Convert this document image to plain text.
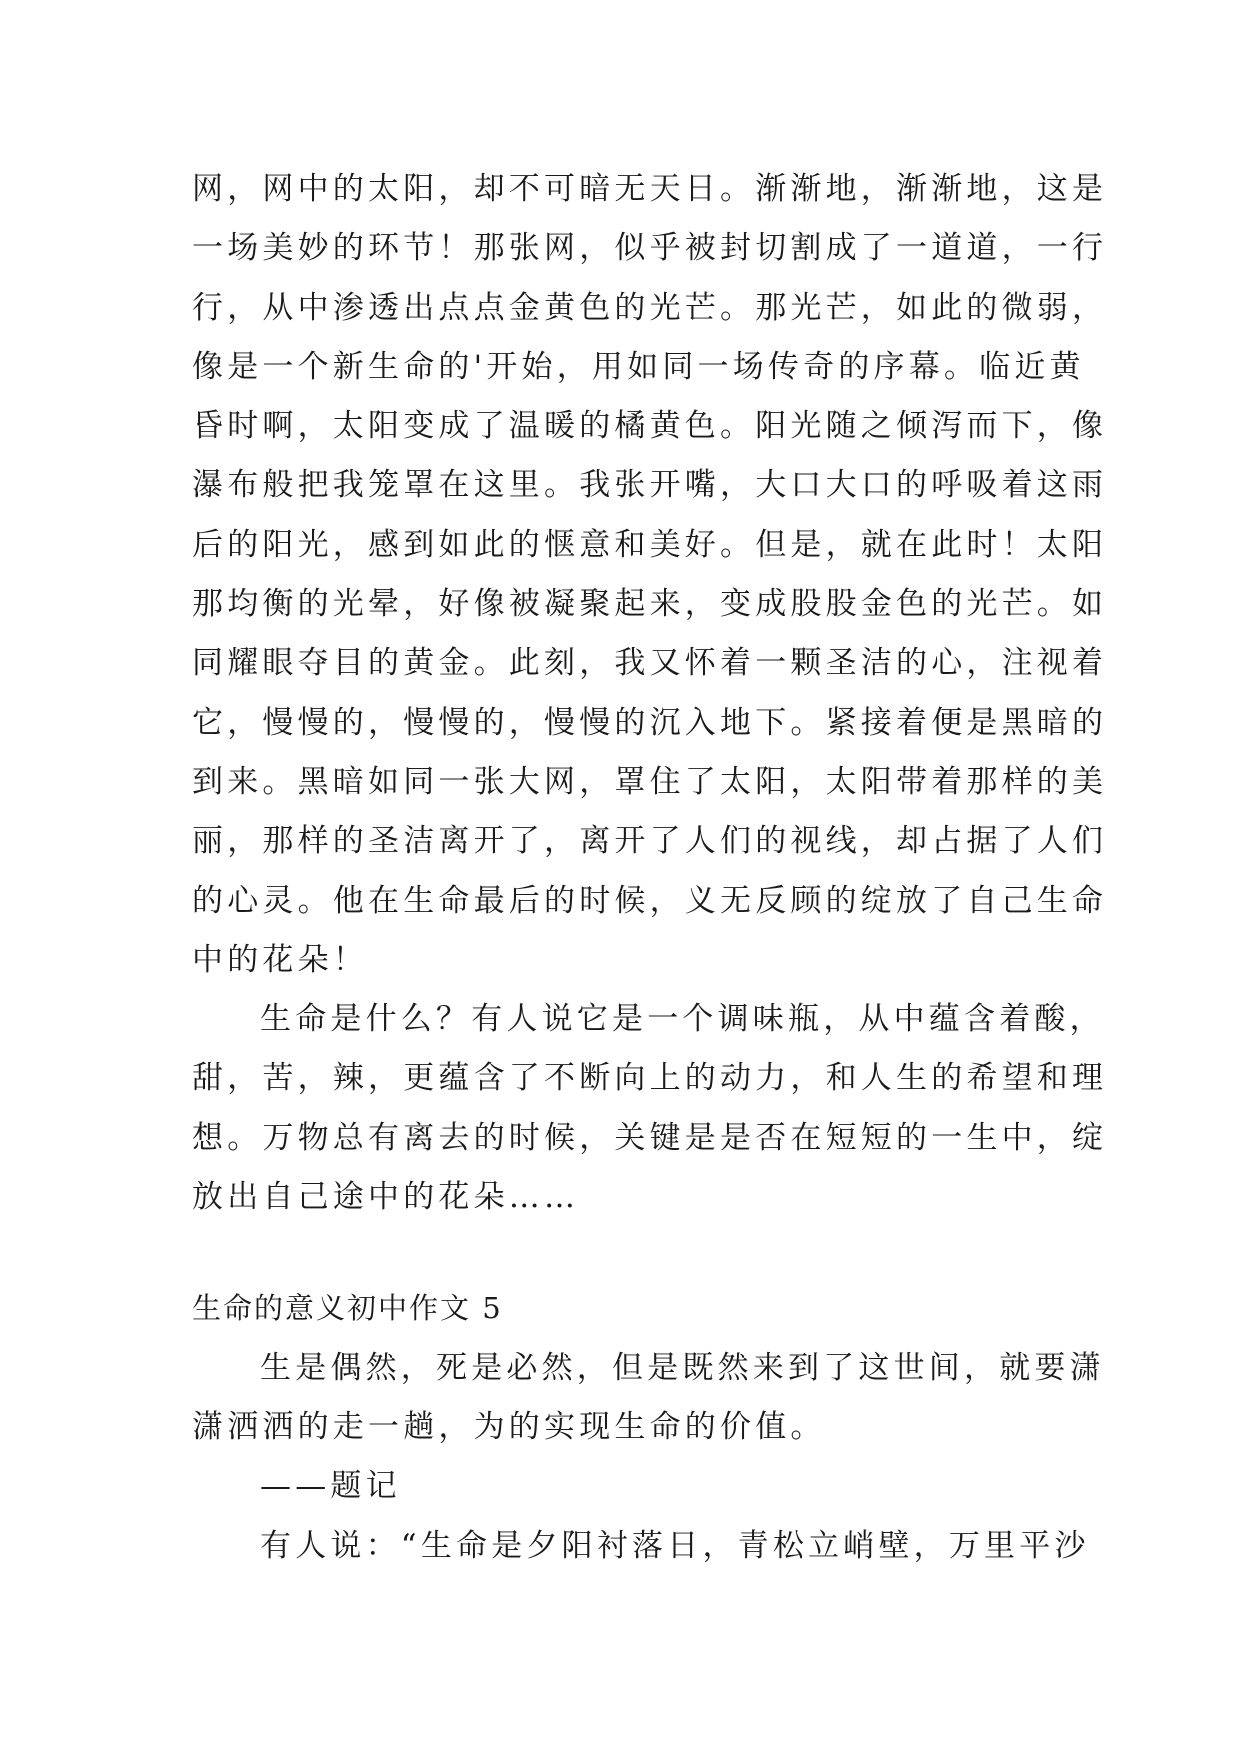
网，网中的太阳，却不可暗无天日。渐渐地，渐渐地，这是
一场美妙的环节！那张网，似乎被封切割成了一道道，一行
行，从中渗透出点点金黄色的光芒。那光芒，如此的微弱，
像是一个新生命的'开始，用如同一场传奇的序幕。临近黄
昏时啊，太阳变成了温暖的橘黄色。阳光随之倾泻而下，像
瀑布般把我笼罩在这里。我张开嘴，大口大口的呼吸着这雨
后的阳光，感到如此的惬意和美好。但是，就在此时！太阳
那均衡的光晕，好像被凝聚起来，变成股股金色的光芒。如
同耀眼夺目的黄金。此刻，我又怀着一颗圣洁的心，注视着
它，慢慢的，慢慢的，慢慢的沉入地下。紧接着便是黑暗的
到来。黑暗如同一张大网，罩住了太阳，太阳带着那样的美
丽，那样的圣洁离开了，离开了人们的视线，却占据了人们
的心灵。他在生命最后的时候，义无反顾的绽放了自己生命
中的花朵！
生命是什么？有人说它是一个调味瓶，从中蕴含着酸，
甜，苦，辣，更蕴含了不断向上的动力，和人生的希望和理
想。万物总有离去的时候，关键是是否在短短的一生中，绽
放出自己途中的花朵……
生命的意义初中作文 5
生是偶然，死是必然，但是既然来到了这世间，就要潇
潇洒洒的走一趟，为的实现生命的价值。
——题记
有人说：“生命是夕阳衬落日，青松立峭壁，万里平沙
